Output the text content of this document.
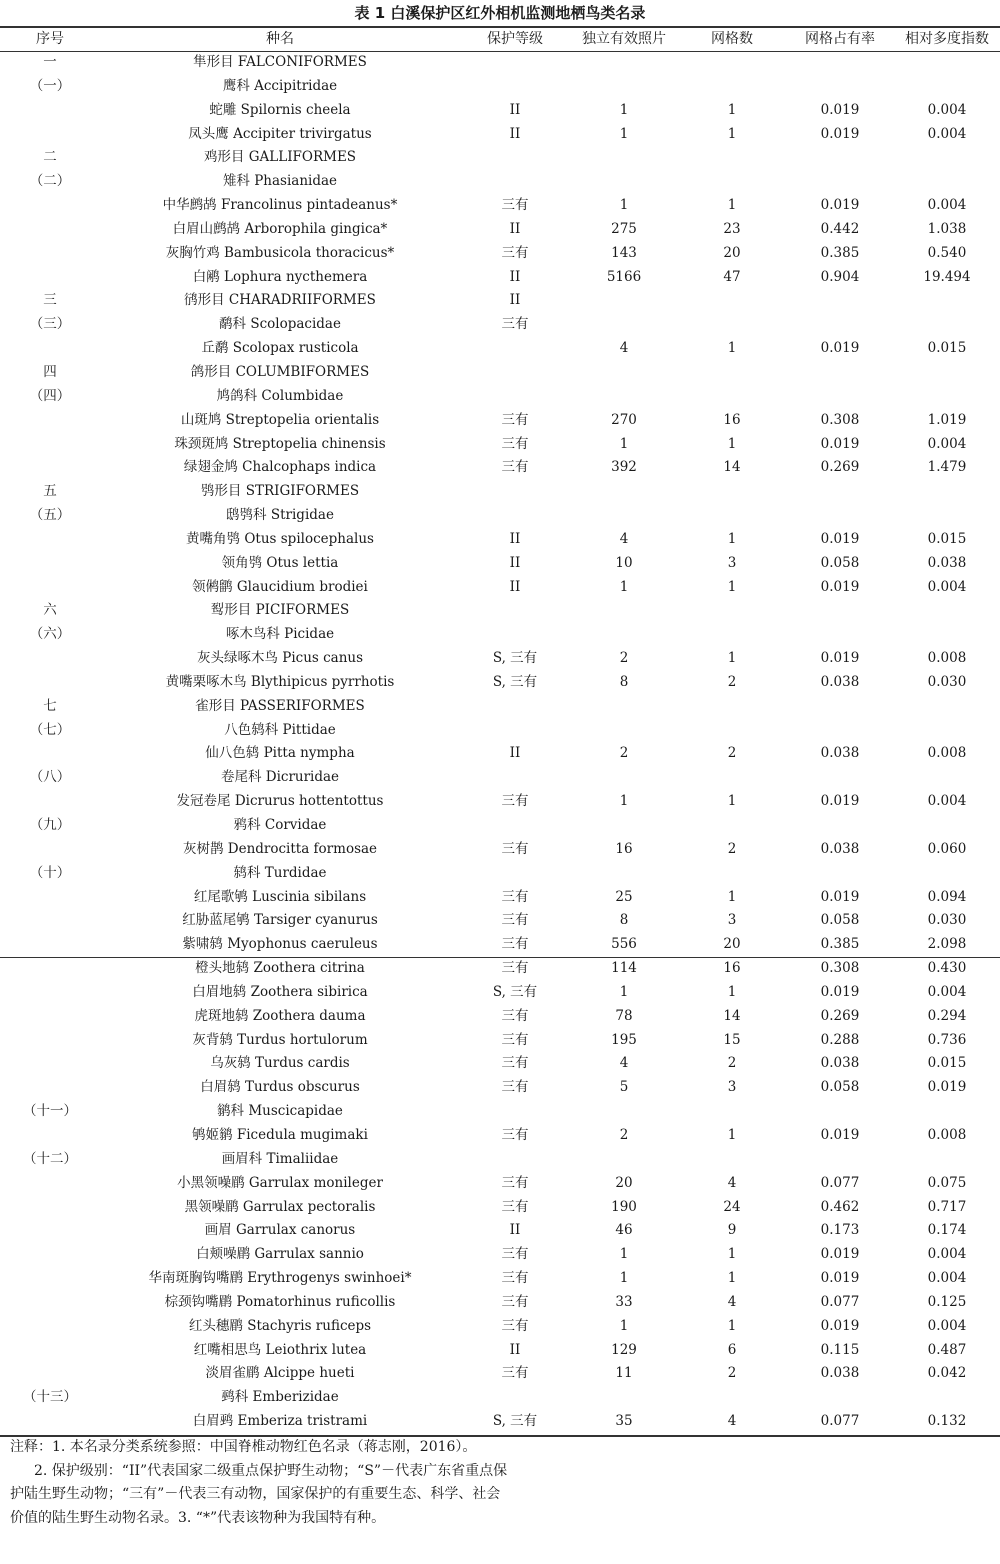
表 1 白溪保护区红外相机监测地栖鸟类名录
序号	种名	保护等级	独立有效照片	网格数	网格占有率	相对多度指数
一	隼形目 FALCONIFORMES					
（一）	鹰科 Accipitridae					
	蛇雕 Spilornis cheela	II	1	1	0.019	0.004
	凤头鹰 Accipiter trivirgatus	II	1	1	0.019	0.004
二	鸡形目 GALLIFORMES					
（二）	雉科 Phasianidae					
	中华鹧鸪 Francolinus pintadeanus*	三有	1	1	0.019	0.004
	白眉山鹧鸪 Arborophila gingica*	II	275	23	0.442	1.038
	灰胸竹鸡 Bambusicola thoracicus*	三有	143	20	0.385	0.540
	白鹇 Lophura nycthemera	II	5166	47	0.904	19.494
三	鸻形目 CHARADRIIFORMES	II				
（三）	鹬科 Scolopacidae	三有				
	丘鹬 Scolopax rusticola		4	1	0.019	0.015
四	鸽形目 COLUMBIFORMES					
（四）	鸠鸽科 Columbidae					
	山斑鸠 Streptopelia orientalis	三有	270	16	0.308	1.019
	珠颈斑鸠 Streptopelia chinensis	三有	1	1	0.019	0.004
	绿翅金鸠 Chalcophaps indica	三有	392	14	0.269	1.479
五	鸮形目 STRIGIFORMES					
（五）	鸱鸮科 Strigidae					
	黄嘴角鸮 Otus spilocephalus	II	4	1	0.019	0.015
	领角鸮 Otus lettia	II	10	3	0.058	0.038
	领鸺鹠 Glaucidium brodiei	II	1	1	0.019	0.004
六	䴕形目 PICIFORMES					
（六）	啄木鸟科 Picidae					
	灰头绿啄木鸟 Picus canus	S, 三有	2	1	0.019	0.008
	黄嘴栗啄木鸟 Blythipicus pyrrhotis	S, 三有	8	2	0.038	0.030
七	雀形目 PASSERIFORMES					
（七）	八色鸫科 Pittidae					
	仙八色鸫 Pitta nympha	II	2	2	0.038	0.008
（八）	卷尾科 Dicruridae					
	发冠卷尾 Dicrurus hottentottus	三有	1	1	0.019	0.004
（九）	鸦科 Corvidae					
	灰树鹊 Dendrocitta formosae	三有	16	2	0.038	0.060
（十）	鸫科 Turdidae					
	红尾歌鸲 Luscinia sibilans	三有	25	1	0.019	0.094
	红胁蓝尾鸲 Tarsiger cyanurus	三有	8	3	0.058	0.030
	紫啸鸫 Myophonus caeruleus	三有	556	20	0.385	2.098
	橙头地鸫 Zoothera citrina	三有	114	16	0.308	0.430
	白眉地鸫 Zoothera sibirica	S, 三有	1	1	0.019	0.004
	虎斑地鸫 Zoothera dauma	三有	78	14	0.269	0.294
	灰背鸫 Turdus hortulorum	三有	195	15	0.288	0.736
	乌灰鸫 Turdus cardis	三有	4	2	0.038	0.015
	白眉鸫 Turdus obscurus	三有	5	3	0.058	0.019
（十一）	鹟科 Muscicapidae					
	鸲姬鹟 Ficedula mugimaki	三有	2	1	0.019	0.008
（十二）	画眉科 Timaliidae					
	小黑领噪鹛 Garrulax monileger	三有	20	4	0.077	0.075
	黑领噪鹛 Garrulax pectoralis	三有	190	24	0.462	0.717
	画眉 Garrulax canorus	II	46	9	0.173	0.174
	白颊噪鹛 Garrulax sannio	三有	1	1	0.019	0.004
	华南斑胸钩嘴鹛 Erythrogenys swinhoei*	三有	1	1	0.019	0.004
	棕颈钩嘴鹛 Pomatorhinus ruficollis	三有	33	4	0.077	0.125
	红头穗鹛 Stachyris ruficeps	三有	1	1	0.019	0.004
	红嘴相思鸟 Leiothrix lutea	II	129	6	0.115	0.487
	淡眉雀鹛 Alcippe hueti	三有	11	2	0.038	0.042
（十三）	鹀科 Emberizidae					
	白眉鹀 Emberiza tristrami	S, 三有	35	4	0.077	0.132

注释：1. 本名录分类系统参照：中国脊椎动物红色名录（蒋志刚，2016）。

2. 保护级别：“II”代表国家二级重点保护野生动物；“S”－代表广东省重点保护陆生野生动物；“三有”－代表三有动物，国家保护的有重要生态、科学、社会价值的陆生野生动物名录。3. “*”代表该物种为我国特有种。
